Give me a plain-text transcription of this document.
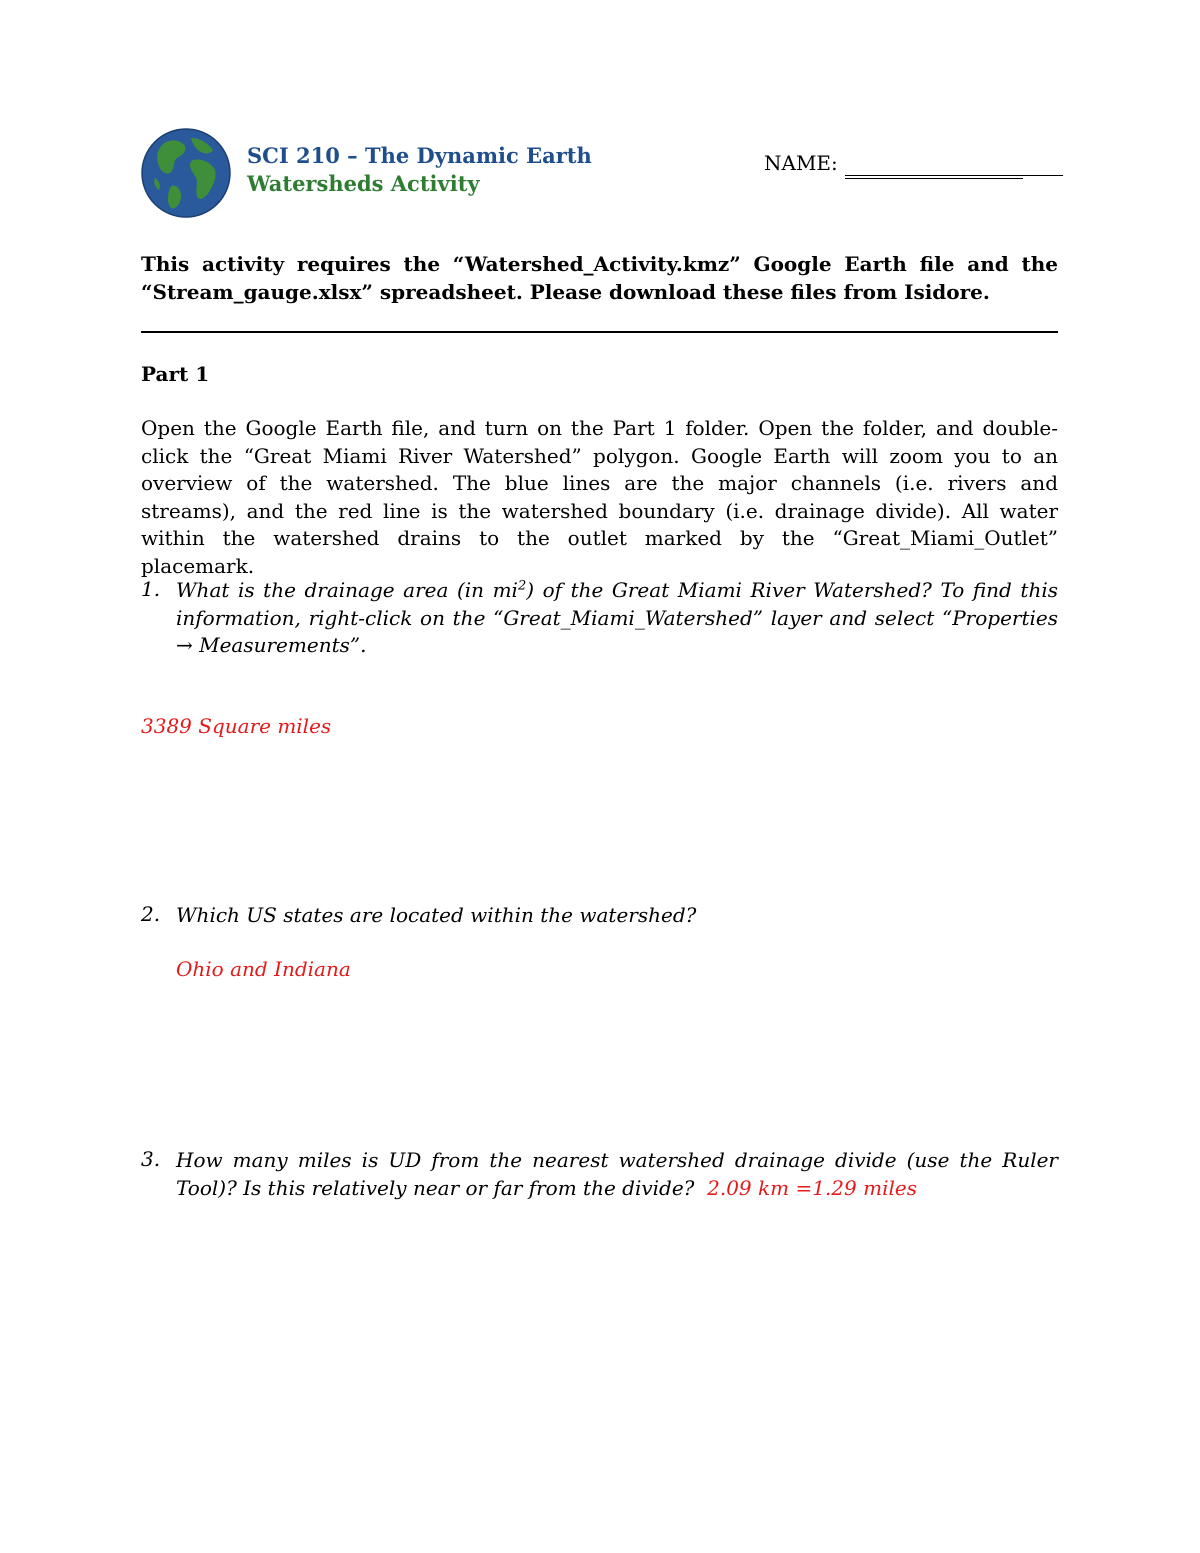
SCI 210 – The Dynamic Earth
Watersheds Activity
NAME:
This activity requires the “Watershed_Activity.kmz” Google Earth file and the “Stream_gauge.xlsx” spreadsheet. Please download these files from Isidore.
Part 1
Open the Google Earth file, and turn on the Part 1 folder. Open the folder, and double-click the “Great Miami River Watershed” polygon. Google Earth will zoom you to an overview of the watershed. The blue lines are the major channels (i.e. rivers and streams), and the red line is the watershed boundary (i.e. drainage divide). All water within the watershed drains to the outlet marked by the “Great_Miami_Outlet” placemark.
1. What is the drainage area (in $mi^2$) of the Great Miami River Watershed? To find this information, right-click on the “Great_Miami_Watershed” layer and select “Properties → Measurements”.
3389 Square miles
2. Which US states are located within the watershed?
Ohio and Indiana
3. How many miles is UD from the nearest watershed drainage divide (use the Ruler Tool)? Is this relatively near or far from the divide? 2.09 km =1.29 miles
